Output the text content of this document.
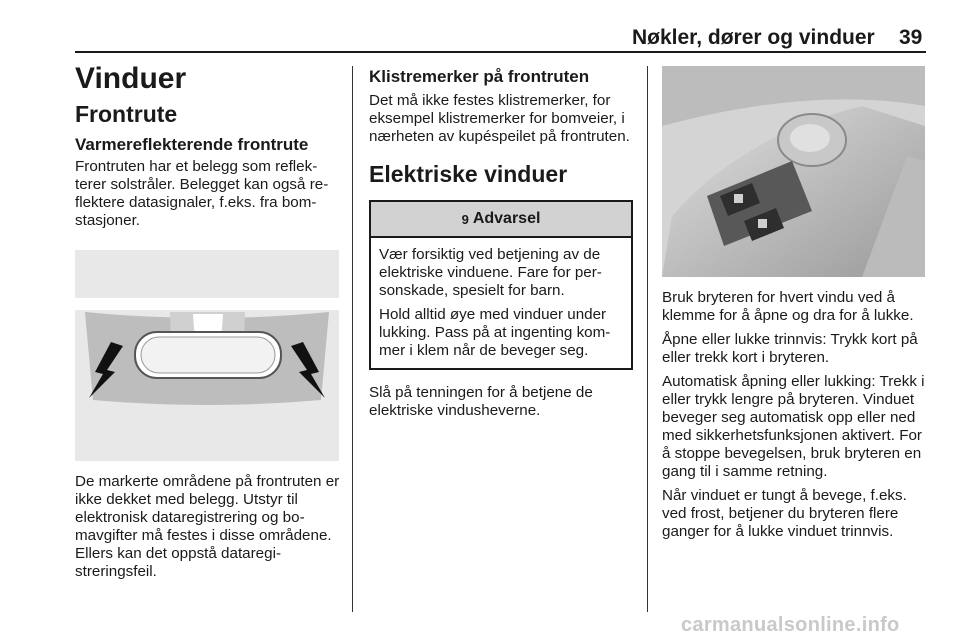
Nøkler, dører og vinduer 39
Vinduer
Frontrute
Varmereflekterende frontrute

Frontruten har et belegg som reflekterer solstråler. Belegget kan også reflektere datasignaler, f.eks. fra bomstasjoner.

De markerte områdene på frontruten er ikke dekket med belegg. Utstyr til elektronisk dataregistrering og bomavgifter må festes i disse områdene. Ellers kan det oppstå dataregistreringsfeil.

Klistremerker på frontruten

Det må ikke festes klistremerker, for eksempel klistremerker for bomveier, i nærheten av kupéspeilet på frontruten.

Elektriske vinduer
9 Advarsel

Vær forsiktig ved betjening av de elektriske vinduene. Fare for personskade, spesielt for barn.

Hold alltid øye med vinduer under lukking. Pass på at ingenting kommer i klem når de beveger seg.

Slå på tenningen for å betjene de elektriske vindusheverne.

Bruk bryteren for hvert vindu ved å klemme for å åpne og dra for å lukke.

Åpne eller lukke trinnvis: Trykk kort på eller trekk kort i bryteren.

Automatisk åpning eller lukking: Trekk i eller trykk lengre på bryteren. Vinduet beveger seg automatisk opp eller ned med sikkerhetsfunksjonen aktivert. For å stoppe bevegelsen, bruk bryteren en gang til i samme retning.

Når vinduet er tungt å bevege, f.eks. ved frost, betjener du bryteren flere ganger for å lukke vinduet trinnvis.

carmanualsonline.info
